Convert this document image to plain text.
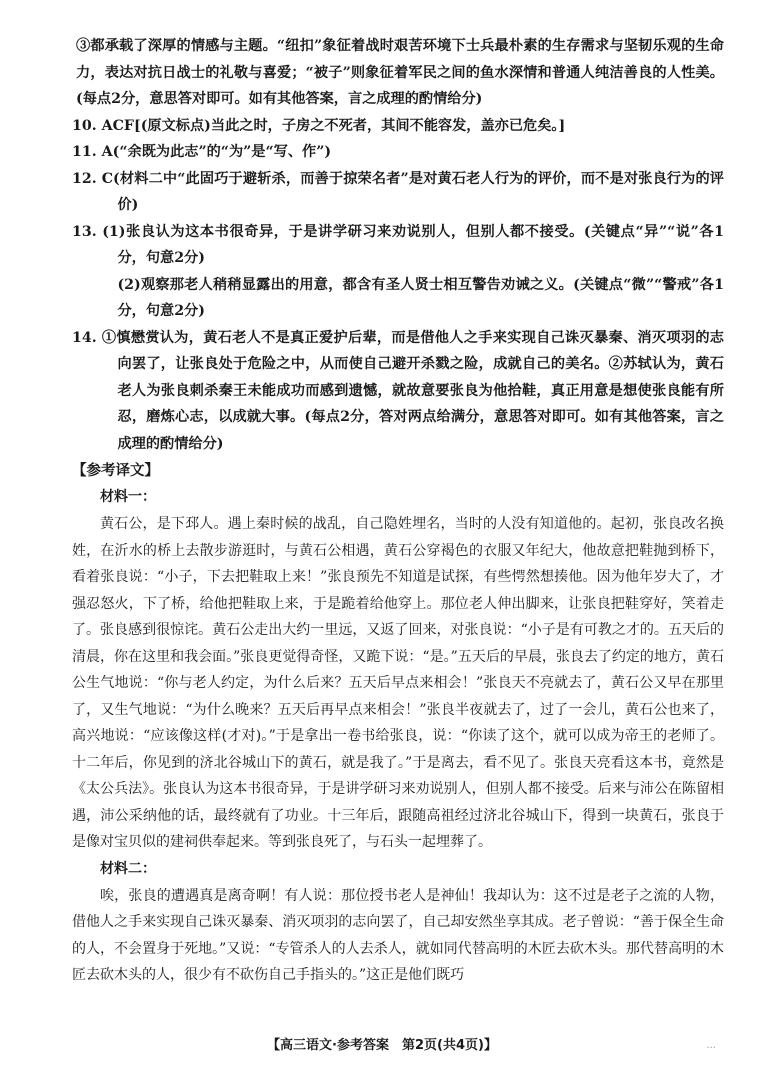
③都承载了深厚的情感与主题。“纽扣”象征着战时艰苦环境下士兵最朴素的生存需求与坚韧乐观的生命力，表达对抗日战士的礼敬与喜爱；“被子”则象征着军民之间的鱼水深情和普通人纯洁善良的人性美。(每点2分，意思答对即可。如有其他答案，言之成理的酌情给分)

10. ACF[(原文标点)当此之时，子房之不死者，其间不能容发，盖亦已危矣。]

11. A(“余既为此志”的“为”是“写、作”)

12. C(材料二中“此固巧于避斩杀，而善于掠荣名者”是对黄石老人行为的评价，而不是对张良行为的评价)

13. (1)张良认为这本书很奇异，于是讲学研习来劝说别人，但别人都不接受。(关键点“异”“说”各1分，句意2分)

(2)观察那老人稍稍显露出的用意，都含有圣人贤士相互警告劝诫之义。(关键点“微”“警戒”各1分，句意2分)

14. ①慎懋赏认为，黄石老人不是真正爱护后辈，而是借他人之手来实现自己诛灭暴秦、消灭项羽的志向罢了，让张良处于危险之中，从而使自己避开杀戮之险，成就自己的美名。②苏轼认为，黄石老人为张良刺杀秦王未能成功而感到遗憾，就故意要张良为他拾鞋，真正用意是想使张良能有所忍，磨炼心志，以成就大事。(每点2分，答对两点给满分，意思答对即可。如有其他答案，言之成理的酌情给分)

【参考译文】

材料一：

黄石公，是下邳人。遇上秦时候的战乱，自己隐姓埋名，当时的人没有知道他的。起初，张良改名换姓，在沂水的桥上去散步游逛时，与黄石公相遇，黄石公穿褐色的衣服又年纪大，他故意把鞋抛到桥下，看着张良说：“小子，下去把鞋取上来！”张良预先不知道是试探，有些愕然想揍他。因为他年岁大了，才强忍怒火，下了桥，给他把鞋取上来，于是跪着给他穿上。那位老人伸出脚来，让张良把鞋穿好，笑着走了。张良感到很惊诧。黄石公走出大约一里远，又返了回来，对张良说：“小子是有可教之才的。五天后的清晨，你在这里和我会面。”张良更觉得奇怪，又跪下说：“是。”五天后的早晨，张良去了约定的地方，黄石公生气地说：“你与老人约定，为什么后来？五天后早点来相会！”张良天不亮就去了，黄石公又早在那里了，又生气地说：“为什么晚来？五天后再早点来相会！”张良半夜就去了，过了一会儿，黄石公也来了，高兴地说：“应该像这样(才对)。”于是拿出一卷书给张良，说：“你读了这个，就可以成为帝王的老师了。十二年后，你见到的济北谷城山下的黄石，就是我了。”于是离去，看不见了。张良天亮看这本书，竟然是《太公兵法》。张良认为这本书很奇异，于是讲学研习来劝说别人，但别人都不接受。后来与沛公在陈留相遇，沛公采纳他的话，最终就有了功业。十三年后，跟随高祖经过济北谷城山下，得到一块黄石，张良于是像对宝贝似的建祠供奉起来。等到张良死了，与石头一起埋葬了。

材料二：

唉，张良的遭遇真是离奇啊！有人说：那位授书老人是神仙！我却认为：这不过是老子之流的人物，借他人之手来实现自己诛灭暴秦、消灭项羽的志向罢了，自己却安然坐享其成。老子曾说：“善于保全生命的人，不会置身于死地。”又说：“专管杀人的人去杀人，就如同代替高明的木匠去砍木头。那代替高明的木匠去砍木头的人，很少有不砍伤自己手指头的。”这正是他们既巧

【高三语文·参考答案　第2页(共4页)】	...
